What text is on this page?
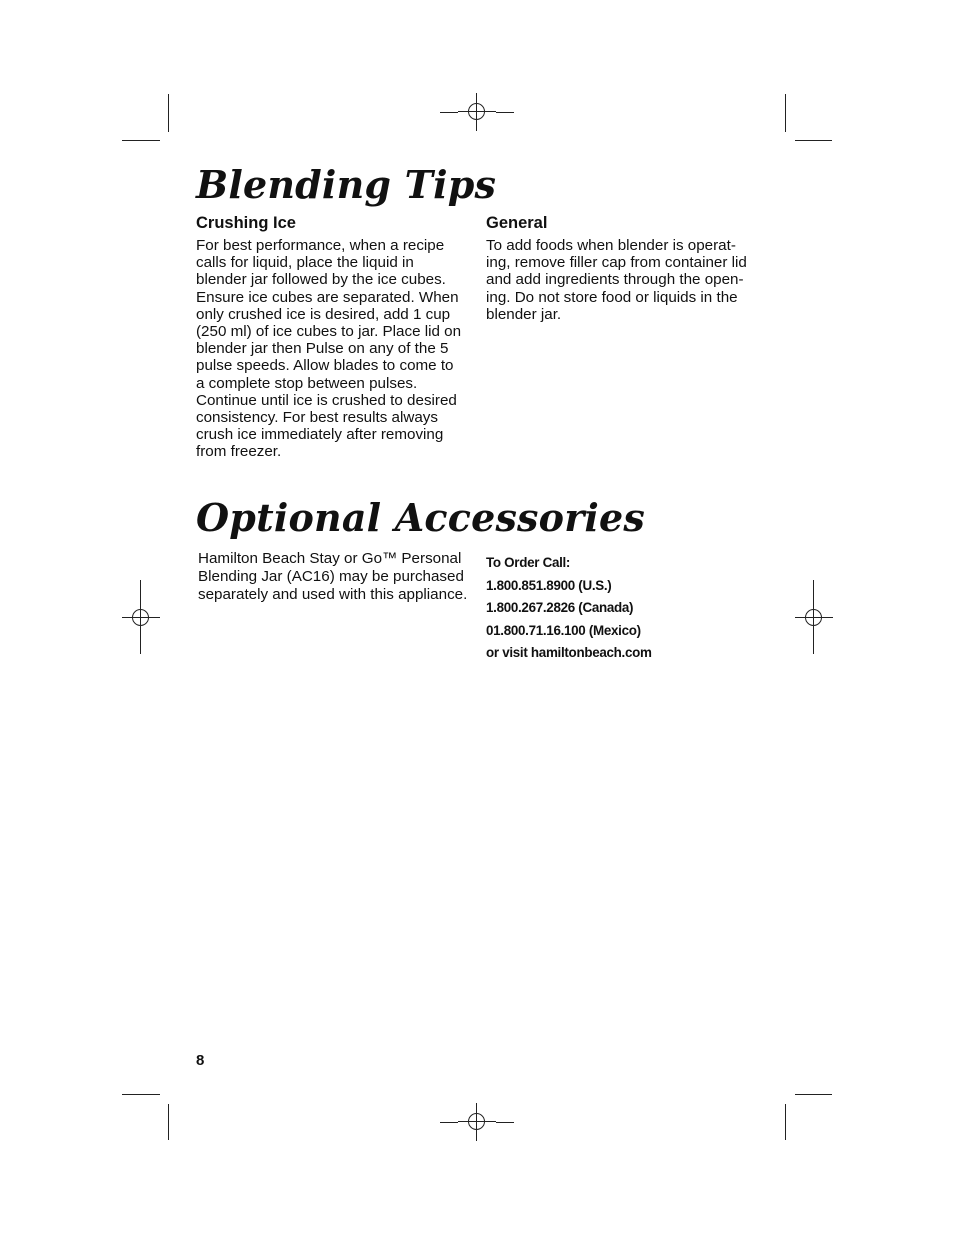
Blending Tips
Crushing Ice
For best performance, when a recipe
calls for liquid, place the liquid in
blender jar followed by the ice cubes.
Ensure ice cubes are separated. When
only crushed ice is desired, add 1 cup
(250 ml) of ice cubes to jar. Place lid on
blender jar then Pulse on any of the 5
pulse speeds. Allow blades to come to
a complete stop between pulses.
Continue until ice is crushed to desired
consistency. For best results always
crush ice immediately after removing
from freezer.
General
To add foods when blender is operat-
ing, remove filler cap from container lid
and add ingredients through the open-
ing. Do not store food or liquids in the
blender jar.
Optional Accessories
Hamilton Beach Stay or Go™ Personal
Blending Jar (AC16) may be purchased
separately and used with this appliance.
To Order Call:
1.800.851.8900 (U.S.)
1.800.267.2826 (Canada)
01.800.71.16.100 (Mexico)
or visit hamiltonbeach.com
8
